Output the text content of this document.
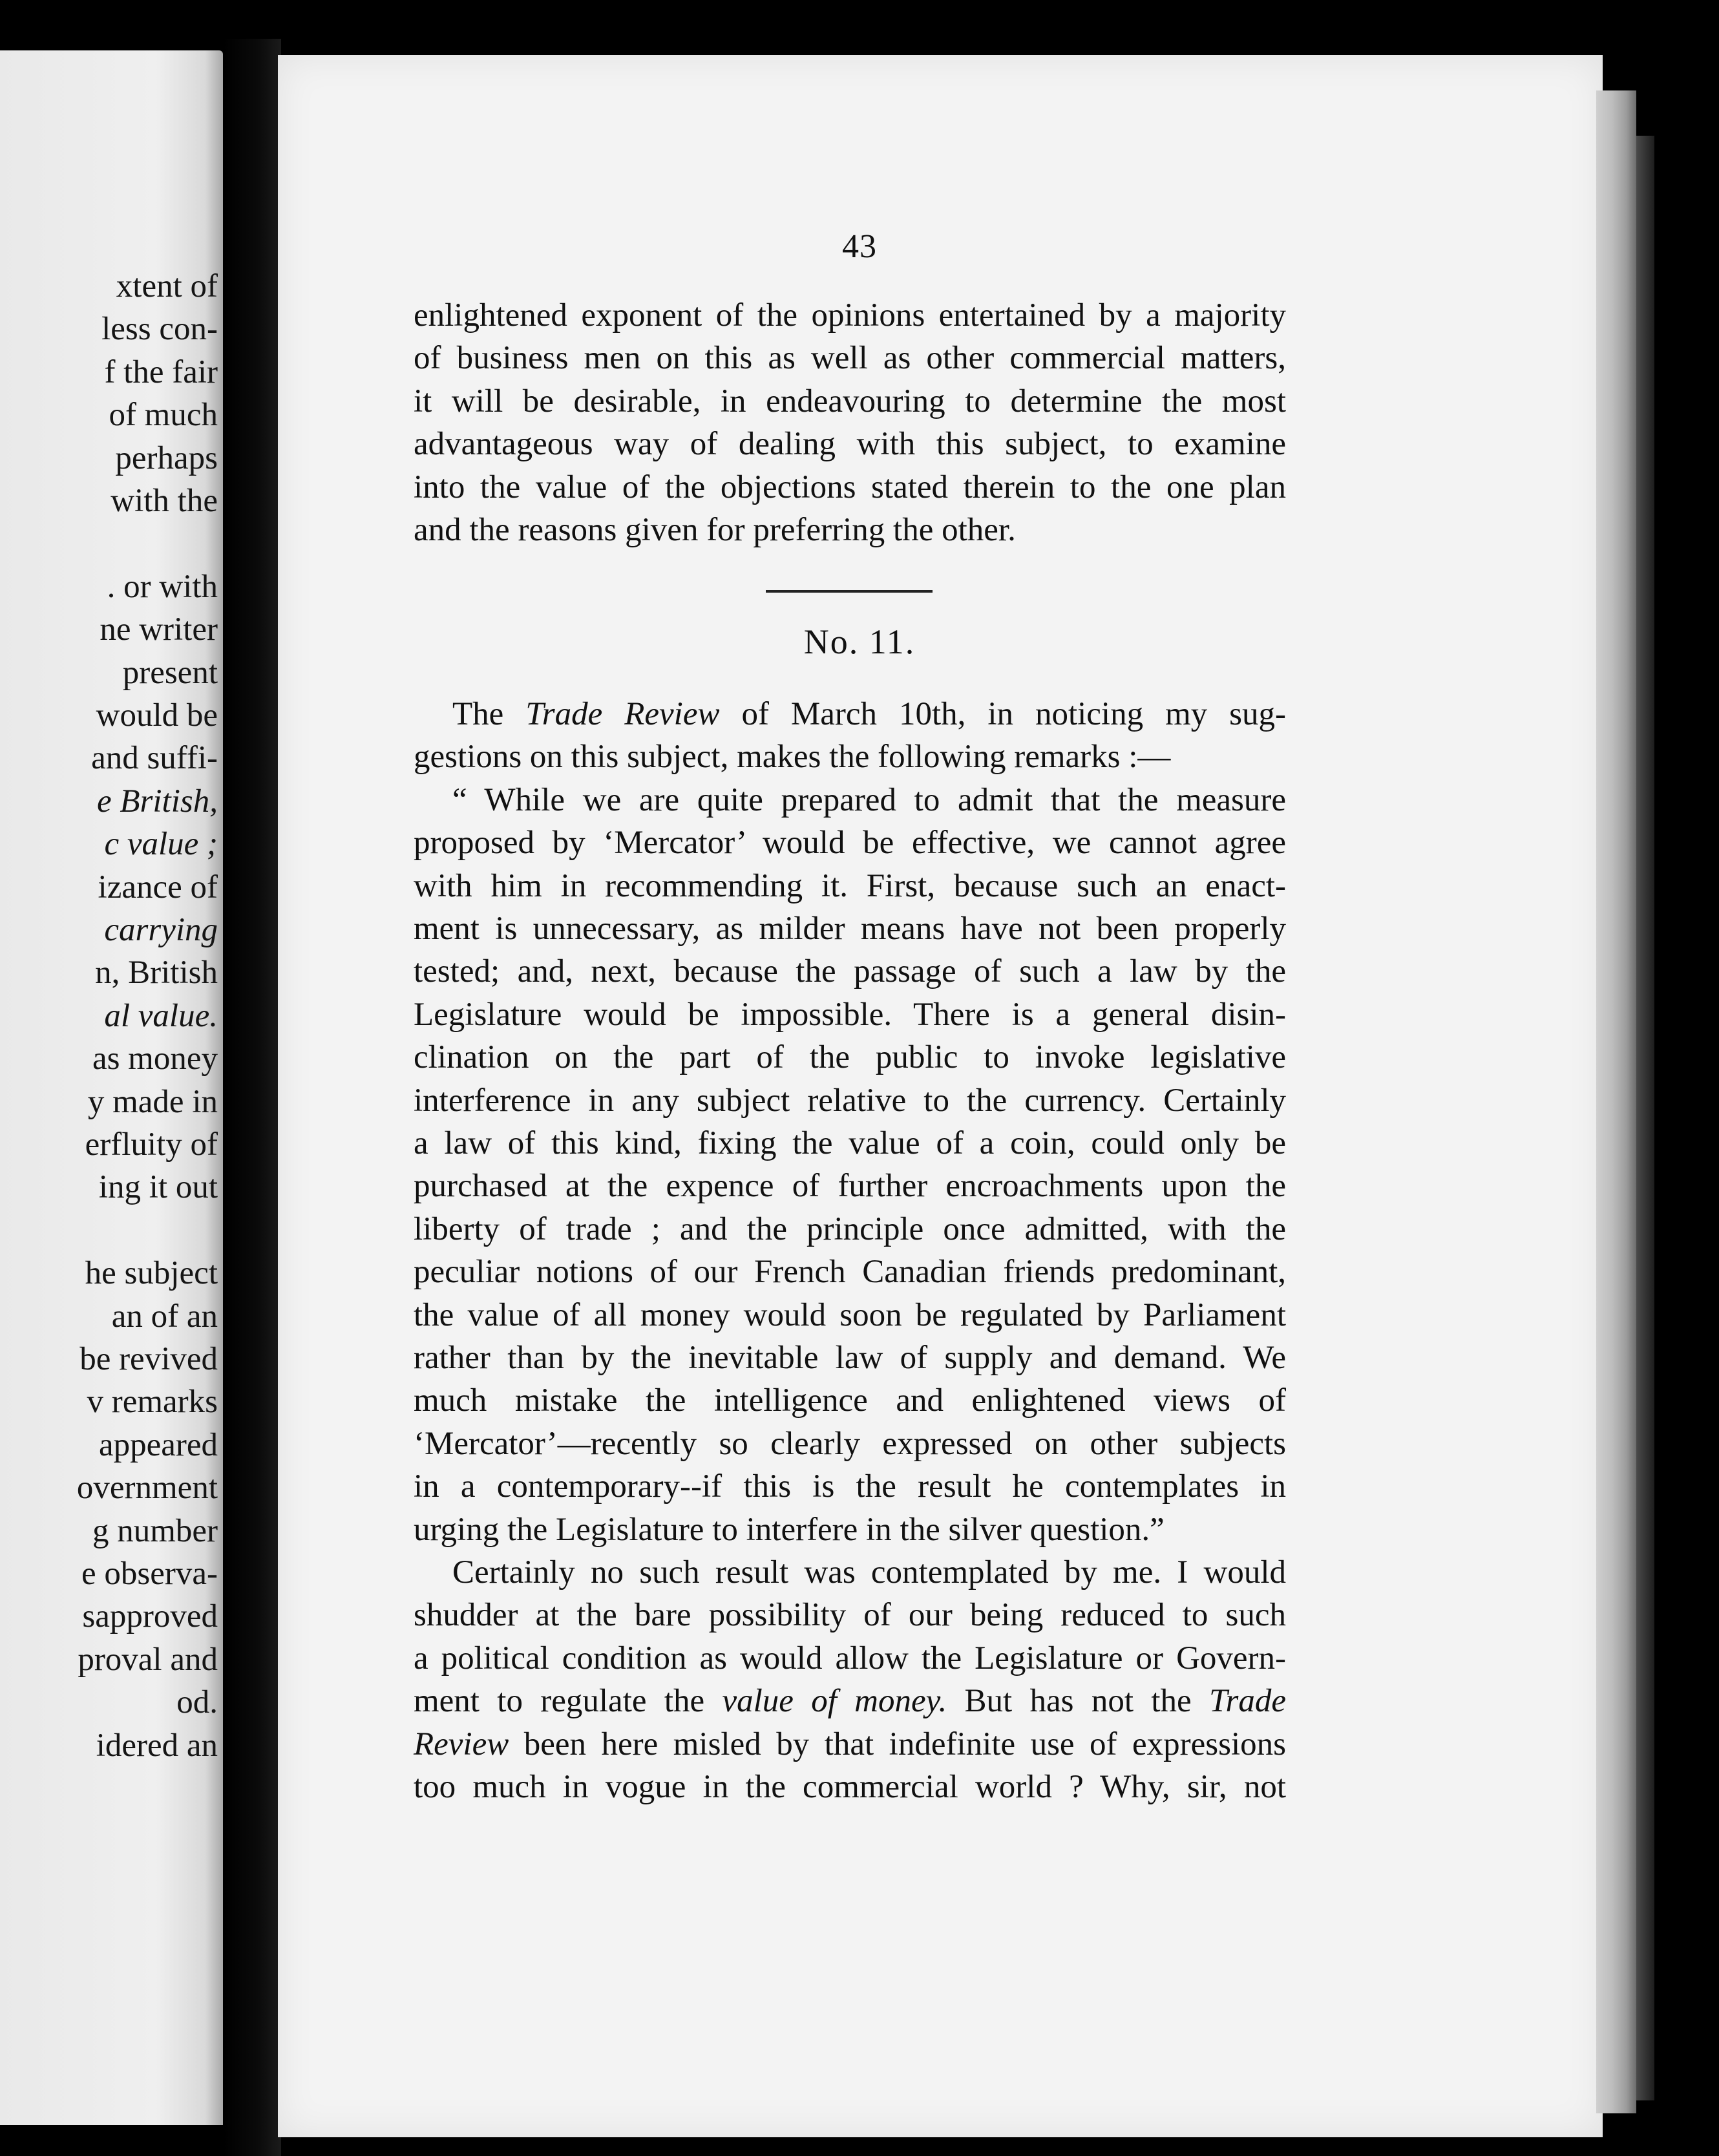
xtent of
less con-
f the fair
of much
perhaps
with the
. or with
ne writer
present
would be
and suffi-
e British,
c value ;
izance of
carrying
n, British
al value.
as money
y made in
erfluity of
ing it out
he subject
an of an
be revived
v remarks
appeared
overnment
g number
e observa-
sapproved
proval and
od.
idered an
43
enlightened exponent of the opinions entertained by a majority
of business men on this as well as other commercial matters,
it will be desirable, in endeavouring to determine the most
advantageous way of dealing with this subject, to examine
into the value of the objections stated therein to the one plan
and the reasons given for preferring the other.
No. 11.
The Trade Review of March 10th, in noticing my sug-
gestions on this subject, makes the following remarks :—
“ While we are quite prepared to admit that the measure
proposed by ‘Mercator’ would be effective, we cannot agree
with him in recommending it. First, because such an enact-
ment is unnecessary, as milder means have not been properly
tested; and, next, because the passage of such a law by the
Legislature would be impossible. There is a general disin-
clination on the part of the public to invoke legislative
interference in any subject relative to the currency. Certainly
a law of this kind, fixing the value of a coin, could only be
purchased at the expence of further encroachments upon the
liberty of trade ; and the principle once admitted, with the
peculiar notions of our French Canadian friends predominant,
the value of all money would soon be regulated by Parliament
rather than by the inevitable law of supply and demand. We
much mistake the intelligence and enlightened views of
‘Mercator’—recently so clearly expressed on other subjects
in a contemporary--if this is the result he contemplates in
urging the Legislature to interfere in the silver question.”
Certainly no such result was contemplated by me. I would
shudder at the bare possibility of our being reduced to such
a political condition as would allow the Legislature or Govern-
ment to regulate the value of money. But has not the Trade
Review been here misled by that indefinite use of expressions
too much in vogue in the commercial world ? Why, sir, not
